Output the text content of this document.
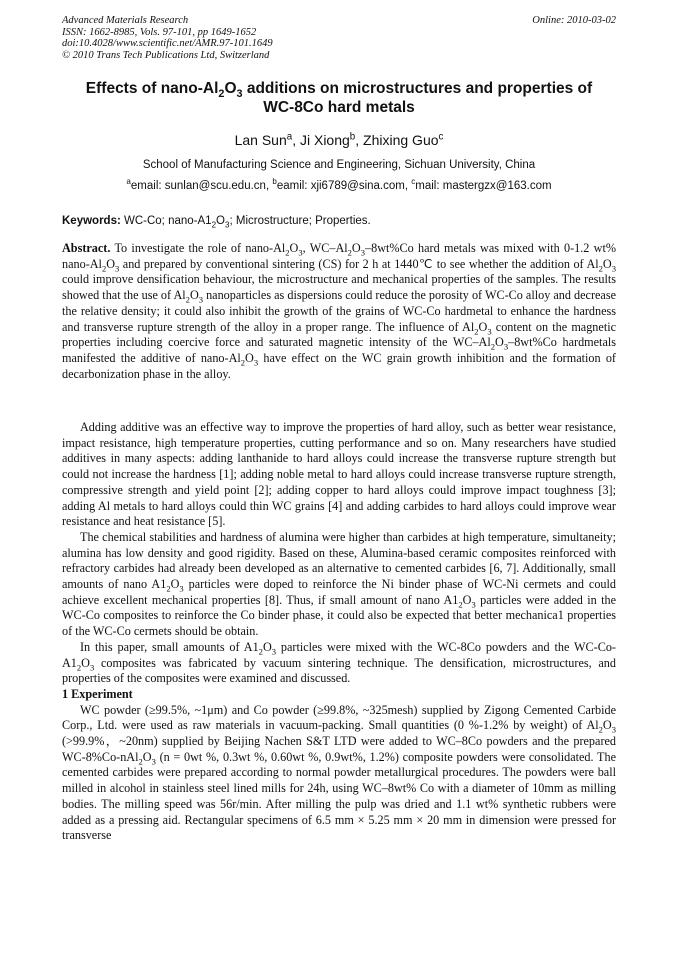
Advanced Materials Research
ISSN: 1662-8985, Vols. 97-101, pp 1649-1652
doi:10.4028/www.scientific.net/AMR.97-101.1649
© 2010 Trans Tech Publications Ltd, Switzerland
Online: 2010-03-02
Effects of nano-$Al_2O_3$ additions on microstructures and properties of
WC-8Co hard metals
Lan Sun$^a$, Ji Xiong$^b$, Zhixing Guo$^c$
School of Manufacturing Science and Engineering, Sichuan University, China
$^a$email: sunlan@scu.edu.cn, $^b$eamil: xji6789@sina.com, $^c$mail: mastergzx@163.com
Keywords: WC-Co; nano-$A1_2O_3$; Microstructure; Properties.

Abstract. To investigate the role of nano-$Al_2O_3$, $WC-Al_2O_3-8wt\%Co$ hard metals was mixed with 0-1.2 wt% nano-$Al_2O_3$ and prepared by conventional sintering (CS) for 2 h at 1440℃ to see whether the addition of $Al_2O_3$ could improve densification behaviour, the microstructure and mechanical properties of the samples. The results showed that the use of $Al_2O_3$ nanoparticles as dispersions could reduce the porosity of WC-Co alloy and decrease the relative density; it could also inhibit the growth of the grains of WC-Co hardmetal to enhance the hardness and transverse rupture strength of the alloy in a proper range. The influence of $Al_2O_3$ content on the magnetic properties including coercive force and saturated magnetic intensity of the $WC-Al_2O_3-8wt\%Co$ hardmetals manifested the additive of nano-$Al_2O_3$ have effect on the WC grain growth inhibition and the formation of decarbonization phase in the alloy.

Adding additive was an effective way to improve the properties of hard alloy, such as better wear resistance, impact resistance, high temperature properties, cutting performance and so on. Many researchers have studied additives in many aspects: adding lanthanide to hard alloys could increase the transverse rupture strength but could not increase the hardness [1]; adding noble metal to hard alloys could increase transverse rupture strength, compressive strength and yield point [2]; adding copper to hard alloys could improve impact toughness [3]; adding Al metals to hard alloys could thin WC grains [4] and adding carbides to hard alloys could improve wear resistance and heat resistance [5].

The chemical stabilities and hardness of alumina were higher than carbides at high temperature, simultaneity; alumina has low density and good rigidity. Based on these, Alumina-based ceramic composites reinforced with refractory carbides had already been developed as an alternative to cemented carbides [6, 7]. Additionally, small amounts of nano $A1_2O_3$ particles were doped to reinforce the Ni binder phase of WC-Ni cermets and could achieve excellent mechanical properties [8]. Thus, if small amount of nano $A1_2O_3$ particles were added in the WC-Co composites to reinforce the Co binder phase, it could also be expected that better mechanica1 properties of the WC-Co cermets should be obtain.

In this paper, small amounts of $A1_2O_3$ particles were mixed with the WC-8Co powders and the $WC-Co-A1_2O_3$ composites was fabricated by vacuum sintering technique. The densification, microstructures, and properties of the composites were examined and discussed.

1 Experiment

WC powder (≥99.5%, ~1μm) and Co powder (≥99.8%, ~325mesh) supplied by Zigong Cemented Carbide Corp., Ltd. were used as raw materials in vacuum-packing. Small quantities (0 %-1.2% by weight) of $Al_2O_3$ (>99.9%，~20nm) supplied by Beijing Nachen S&T LTD were added to WC–8Co powders and the prepared $WC-8\%Co-nAl_2O_3$ (n = 0wt %, 0.3wt %, 0.60wt %, 0.9wt%, 1.2%) composite powders were consolidated. The cemented carbides were prepared according to normal powder metallurgical procedures. The powders were ball milled in alcohol in stainless steel lined mills for 24h, using WC–8wt% Co with a diameter of 10mm as milling bodies. The milling speed was 56r/min. After milling the pulp was dried and 1.1 wt% synthetic rubbers were added as a pressing aid. Rectangular specimens of 6.5 mm × 5.25 mm × 20 mm in dimension were pressed for transverse
